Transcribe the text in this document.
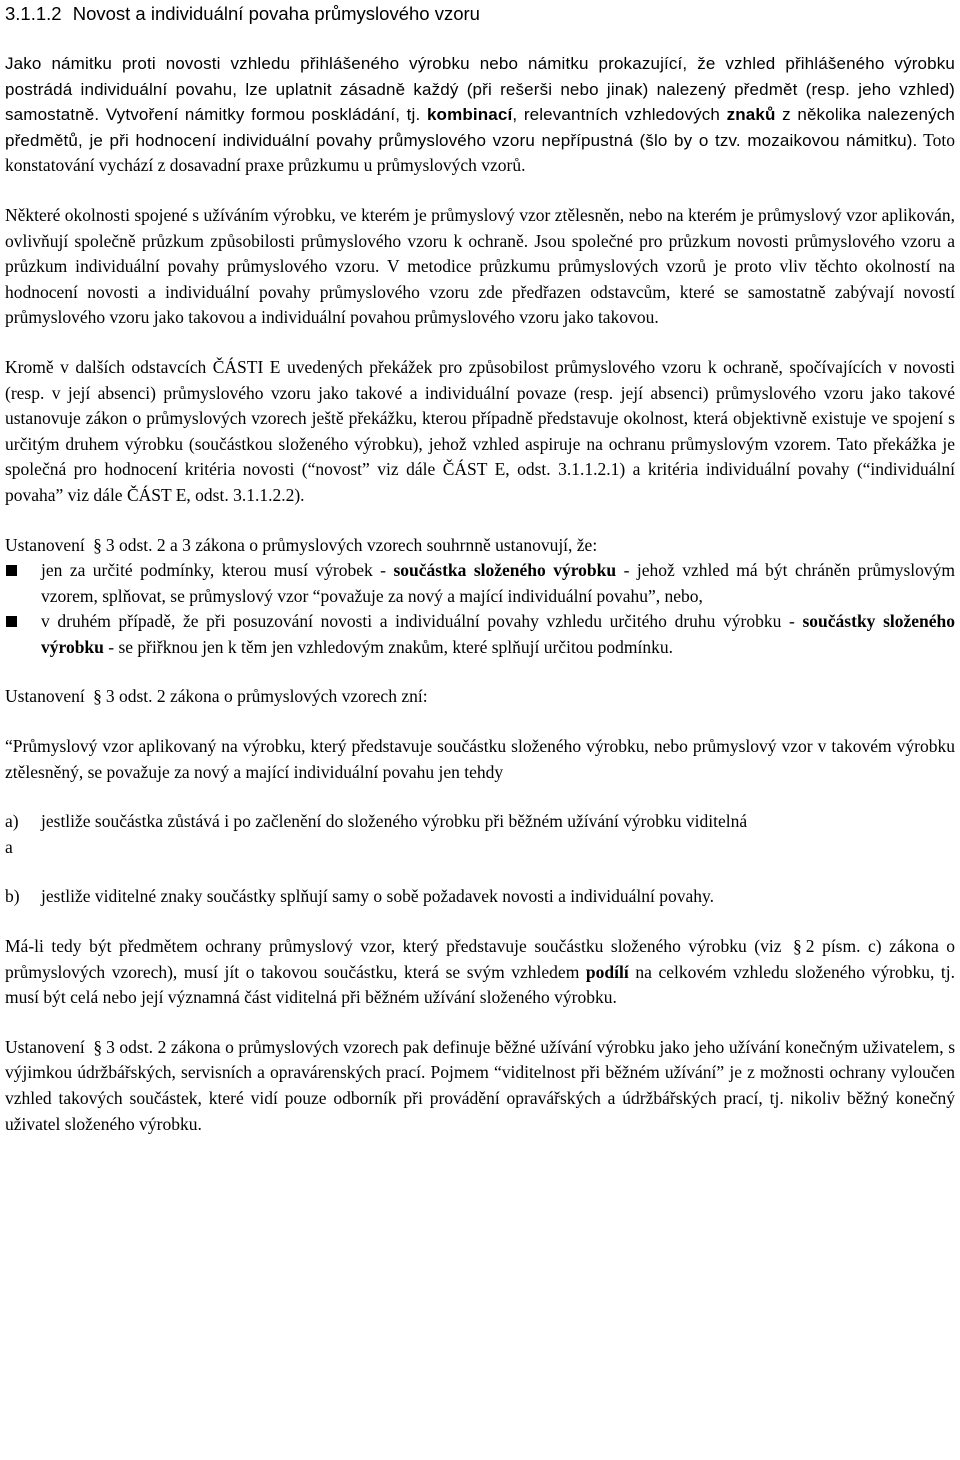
3.1.1.2 Novost a individuální povaha průmyslového vzoru

Jako námitku proti novosti vzhledu přihlášeného výrobku nebo námitku prokazující, že vzhled přihlášeného výrobku postrádá individuální povahu, lze uplatnit zásadně každý (při rešerši nebo jinak) nalezený předmět (resp. jeho vzhled) samostatně. Vytvoření námitky formou poskládání, tj. kombinací, relevantních vzhledových znaků z několika nalezených předmětů, je při hodnocení individuální povahy průmyslového vzoru nepřípustná (šlo by o tzv. mozaikovou námitku). Toto konstatování vychází z dosavadní praxe průzkumu u průmyslových vzorů.

Některé okolnosti spojené s užíváním výrobku, ve kterém je průmyslový vzor ztělesněn, nebo na kterém je průmyslový vzor aplikován, ovlivňují společně průzkum způsobilosti průmyslového vzoru k ochraně. Jsou společné pro průzkum novosti průmyslového vzoru a průzkum individuální povahy průmyslového vzoru. V metodice průzkumu průmyslových vzorů je proto vliv těchto okolností na hodnocení novosti a individuální povahy průmyslového vzoru zde předřazen odstavcům, které se samostatně zabývají novostí průmyslového vzoru jako takovou a individuální povahou průmyslového vzoru jako takovou.

Kromě v dalších odstavcích ČÁSTI E uvedených překážek pro způsobilost průmyslového vzoru k ochraně, spočívajících v novosti (resp. v její absenci) průmyslového vzoru jako takové a individuální povaze (resp. její absenci) průmyslového vzoru jako takové ustanovuje zákon o průmyslových vzorech ještě překážku, kterou případně představuje okolnost, která objektivně existuje ve spojení s určitým druhem výrobku (součástkou složeného výrobku), jehož vzhled aspiruje na ochranu průmyslovým vzorem. Tato překážka je společná pro hodnocení kritéria novosti (“novost” viz dále ČÁST E, odst. 3.1.1.2.1) a kritéria individuální povahy (“individuální povaha” viz dále ČÁST E, odst. 3.1.1.2.2).

Ustanovení § 3 odst. 2 a 3 zákona o průmyslových vzorech souhrnně ustanovují, že:

jen za určité podmínky, kterou musí výrobek - součástka složeného výrobku - jehož vzhled má být chráněn průmyslovým vzorem, splňovat, se průmyslový vzor “považuje za nový a mající individuální povahu”, nebo,
v druhém případě, že při posuzování novosti a individuální povahy vzhledu určitého druhu výrobku - součástky složeného výrobku - se přiřknou jen k těm jen vzhledovým znakům, které splňují určitou podmínku.

Ustanovení § 3 odst. 2 zákona o průmyslových vzorech zní:

“Průmyslový vzor aplikovaný na výrobku, který představuje součástku složeného výrobku, nebo průmyslový vzor v takovém výrobku ztělesněný, se považuje za nový a mající individuální povahu jen tehdy

a) jestliže součástka zůstává i po začlenění do složeného výrobku při běžném užívání výrobku viditelná

a

b) jestliže viditelné znaky součástky splňují samy o sobě požadavek novosti a individuální povahy.

Má-li tedy být předmětem ochrany průmyslový vzor, který představuje součástku složeného výrobku (viz § 2 písm. c) zákona o průmyslových vzorech), musí jít o takovou součástku, která se svým vzhledem podílí na celkovém vzhledu složeného výrobku, tj. musí být celá nebo její významná část viditelná při běžném užívání složeného výrobku.

Ustanovení § 3 odst. 2 zákona o průmyslových vzorech pak definuje běžné užívání výrobku jako jeho užívání konečným uživatelem, s výjimkou údržbářských, servisních a opravárenských prací. Pojmem “viditelnost při běžném užívání” je z možnosti ochrany vyloučen vzhled takových součástek, které vidí pouze odborník při provádění opravářských a údržbářských prací, tj. nikoliv běžný konečný uživatel složeného výrobku.
